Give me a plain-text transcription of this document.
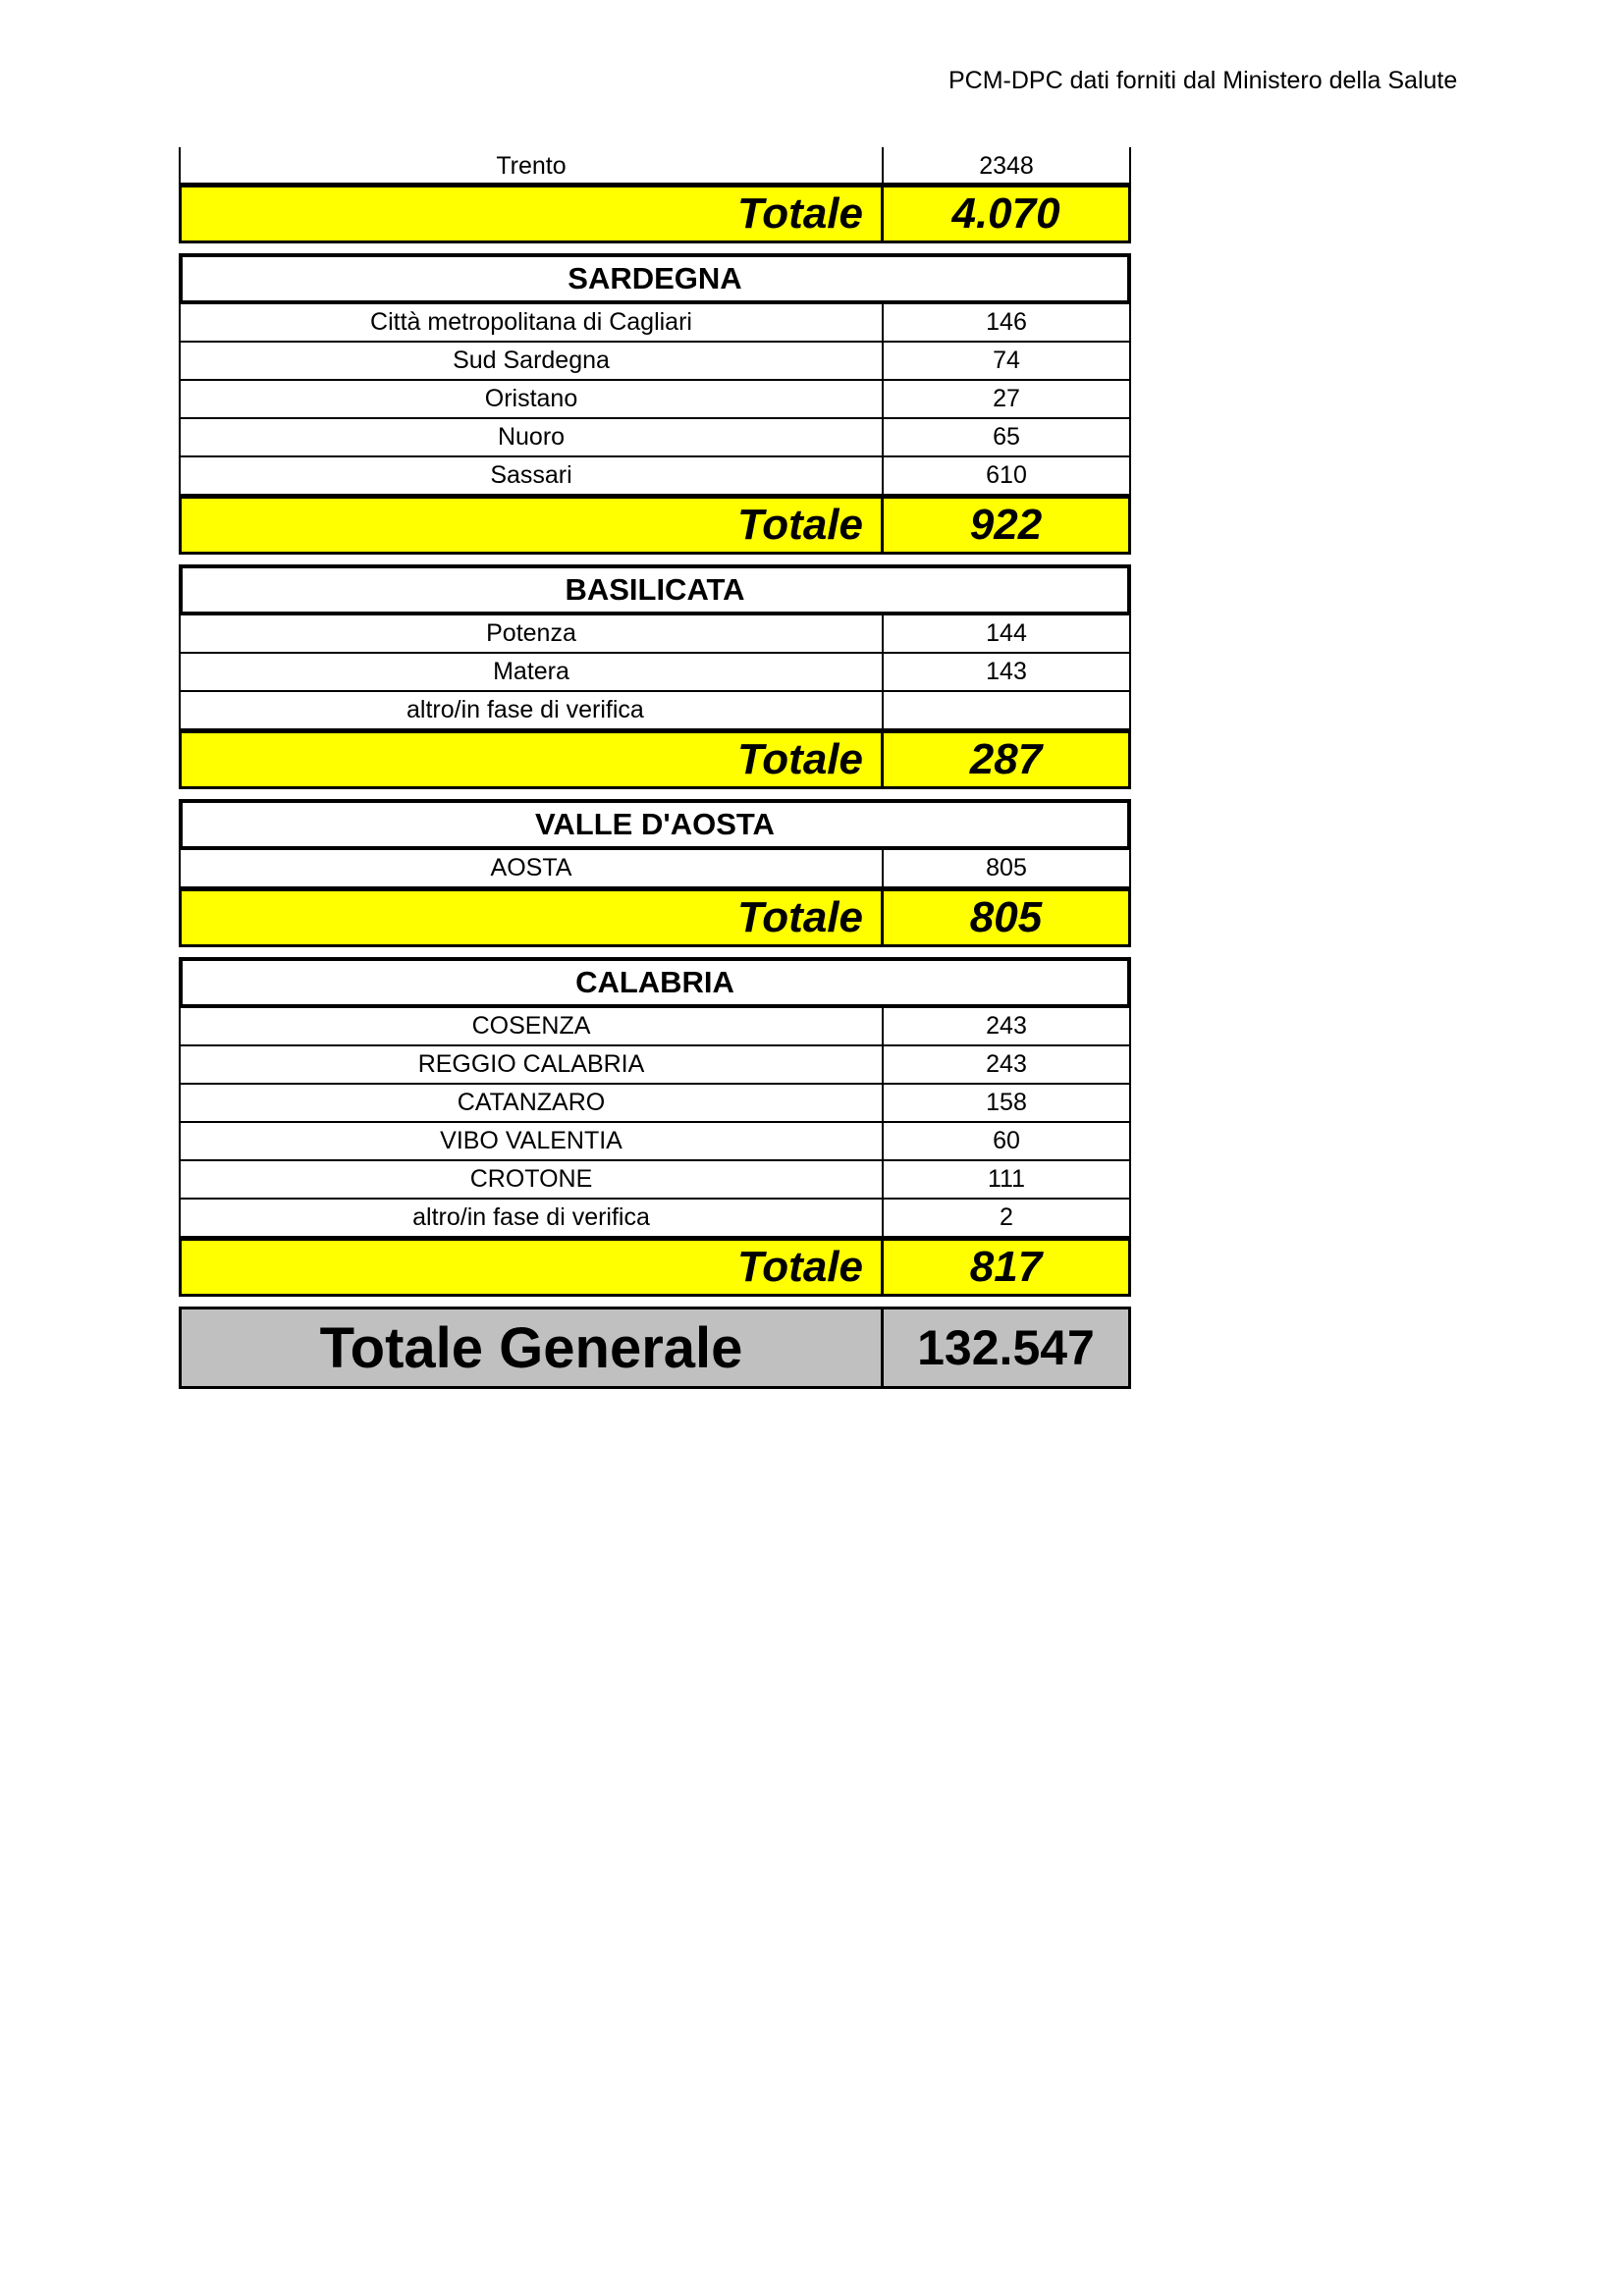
PCM-DPC dati forniti dal Ministero della Salute
Trento	2348
Totale	4.070
SARDEGNA
Città metropolitana di Cagliari	146
Sud Sardegna	74
Oristano	27
Nuoro	65
Sassari	610
Totale	922
BASILICATA
Potenza	144
Matera	143
altro/in fase di verifica
Totale	287
VALLE D'AOSTA
AOSTA	805
Totale	805
CALABRIA
COSENZA	243
REGGIO CALABRIA	243
CATANZARO	158
VIBO VALENTIA	60
CROTONE	111
altro/in fase di verifica	2
Totale	817
Totale Generale	132.547
